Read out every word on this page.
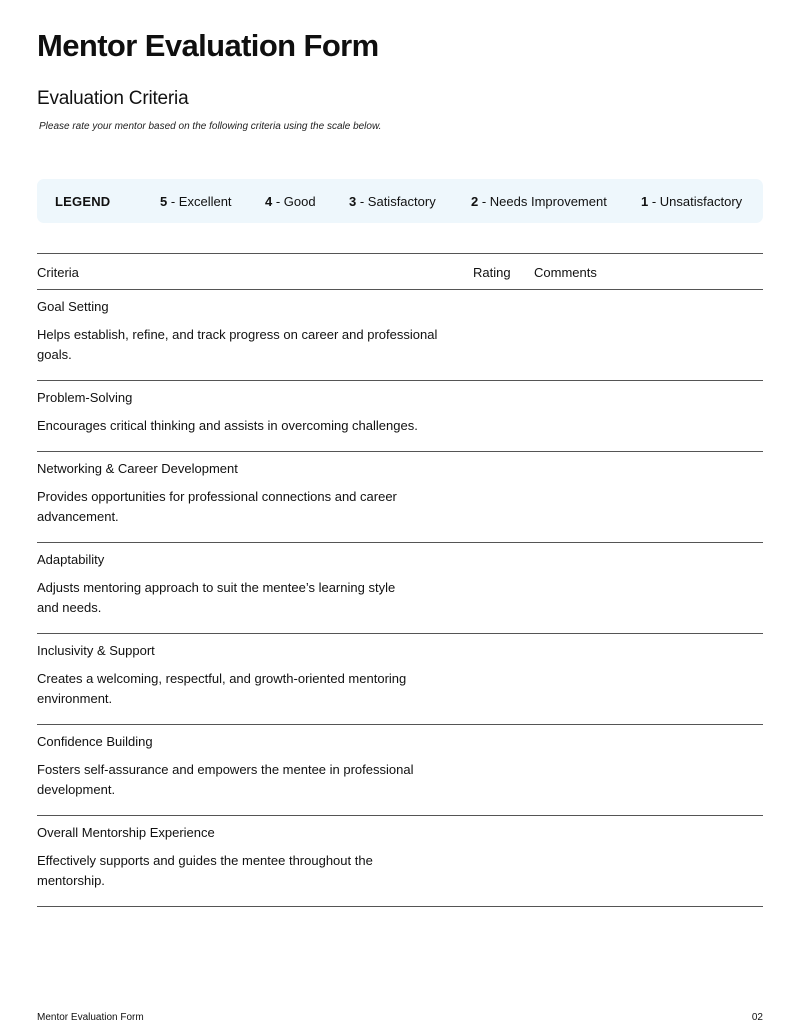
Mentor Evaluation Form
Evaluation Criteria
Please rate your mentor based on the following criteria using the scale below.
LEGEND	5 - Excellent	4 - Good	3 - Satisfactory	2 - Needs Improvement	1 - Unsatisfactory
Criteria	Rating Comments
Goal Setting
Helps establish, refine, and track progress on career and professional goals.
Problem-Solving
Encourages critical thinking and assists in overcoming challenges.
Networking & Career Development
Provides opportunities for professional connections and career advancement.
Adaptability
Adjusts mentoring approach to suit the mentee’s learning style and needs.
Inclusivity & Support
Creates a welcoming, respectful, and growth-oriented mentoring environment.
Confidence Building
Fosters self-assurance and empowers the mentee in professional development.
Overall Mentorship Experience
Effectively supports and guides the mentee throughout the mentorship.
Mentor Evaluation Form	02
